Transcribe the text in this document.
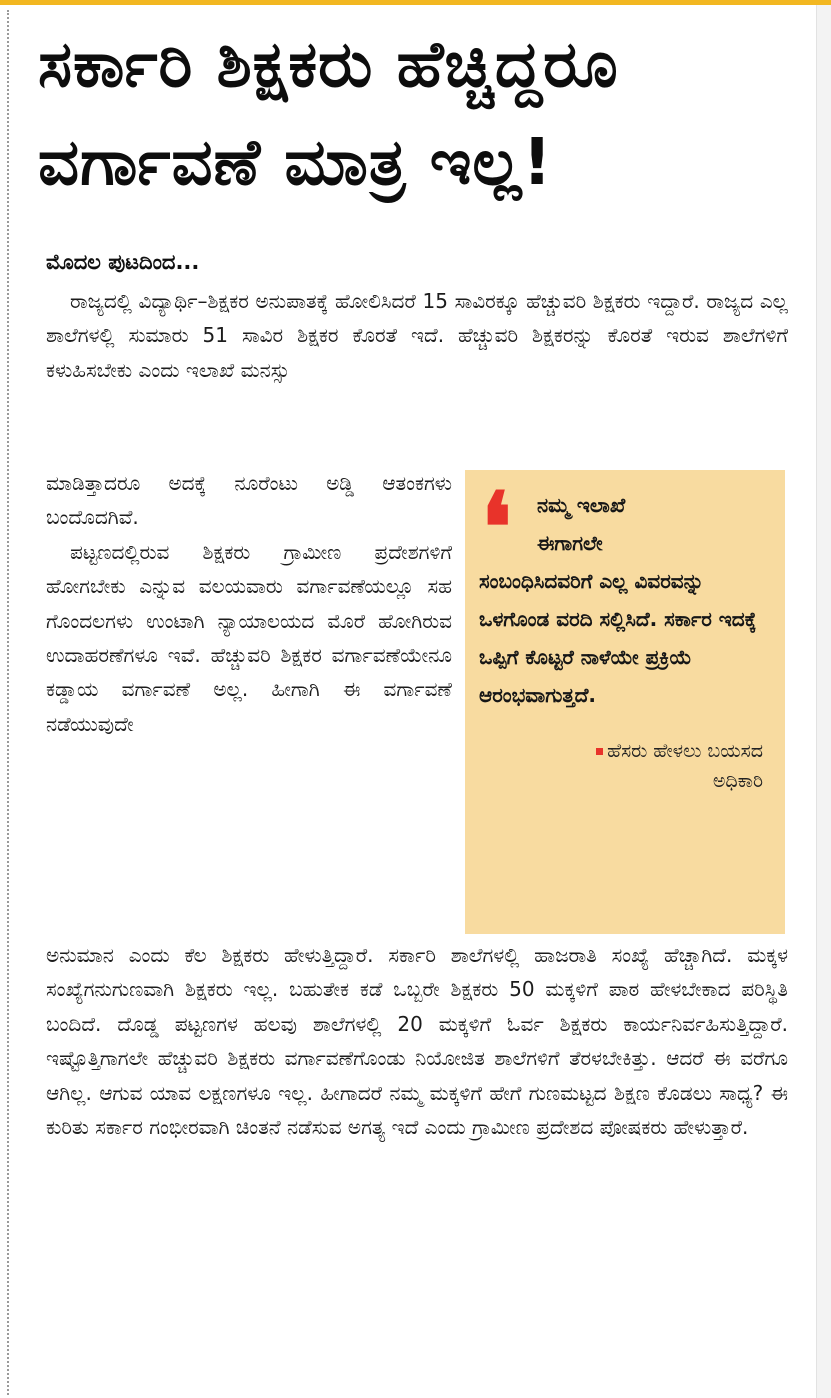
ಸರ್ಕಾರಿ ಶಿಕ್ಷಕರು ಹೆಚ್ಚಿದ್ದರೂ
ವರ್ಗಾವಣೆ ಮಾತ್ರ ಇಲ್ಲ!
ಮೊದಲ ಪುಟದಿಂದ...
ರಾಜ್ಯದಲ್ಲಿ ವಿದ್ಯಾರ್ಥಿ–ಶಿಕ್ಷಕರ ಅನುಪಾತಕ್ಕೆ ಹೋಲಿಸಿದರೆ 15 ಸಾವಿರಕ್ಕೂ ಹೆಚ್ಚುವರಿ ಶಿಕ್ಷಕರು ಇದ್ದಾರೆ. ರಾಜ್ಯದ ಎಲ್ಲ ಶಾಲೆಗಳಲ್ಲಿ ಸುಮಾರು 51 ಸಾವಿರ ಶಿಕ್ಷಕರ ಕೊರತೆ ಇದೆ. ಹೆಚ್ಚುವರಿ ಶಿಕ್ಷಕರನ್ನು ಕೊರತೆ ಇರುವ ಶಾಲೆಗಳಿಗೆ ಕಳುಹಿಸಬೇಕು ಎಂದು ಇಲಾಖೆ ಮನಸ್ಸು

ಮಾಡಿತ್ತಾದರೂ ಅದಕ್ಕೆ ನೂರೆಂಟು ಅಡ್ಡಿ ಆತಂಕಗಳು ಬಂದೊದಗಿವೆ.

ಪಟ್ಟಣದಲ್ಲಿರುವ ಶಿಕ್ಷಕರು ಗ್ರಾಮೀಣ ಪ್ರದೇಶಗಳಿಗೆ ಹೋಗಬೇಕು ಎನ್ನುವ ವಲಯವಾರು ವರ್ಗಾವಣೆಯಲ್ಲೂ ಸಹ ಗೊಂದಲಗಳು ಉಂಟಾಗಿ ನ್ಯಾಯಾಲಯದ ಮೊರೆ ಹೋಗಿರುವ ಉದಾಹರಣೆಗಳೂ ಇವೆ. ಹೆಚ್ಚುವರಿ ಶಿಕ್ಷಕರ ವರ್ಗಾವಣೆಯೇನೂ ಕಡ್ಡಾಯ ವರ್ಗಾವಣೆ ಅಲ್ಲ. ಹೀಗಾಗಿ ಈ ವರ್ಗಾವಣೆ ನಡೆಯುವುದೇ

❛	ನಮ್ಮ ಇಲಾಖೆ
ಈಗಾಗಲೇ
ಸಂಬಂಧಿಸಿದವರಿಗೆ ಎಲ್ಲ ವಿವರವನ್ನು ಒಳಗೊಂಡ ವರದಿ ಸಲ್ಲಿಸಿದೆ. ಸರ್ಕಾರ ಇದಕ್ಕೆ ಒಪ್ಪಿಗೆ ಕೊಟ್ಟರೆ ನಾಳೆಯೇ ಪ್ರಕ್ರಿಯೆ ಆರಂಭವಾಗುತ್ತದೆ.
ಹೆಸರು ಹೇಳಲು ಬಯಸದ
ಅಧಿಕಾರಿ
ಅನುಮಾನ ಎಂದು ಕೆಲ ಶಿಕ್ಷಕರು ಹೇಳುತ್ತಿದ್ದಾರೆ. ಸರ್ಕಾರಿ ಶಾಲೆಗಳಲ್ಲಿ ಹಾಜರಾತಿ ಸಂಖ್ಯೆ ಹೆಚ್ಚಾಗಿದೆ. ಮಕ್ಕಳ ಸಂಖ್ಯೆಗನುಗುಣವಾಗಿ ಶಿಕ್ಷಕರು ಇಲ್ಲ. ಬಹುತೇಕ ಕಡೆ ಒಬ್ಬರೇ ಶಿಕ್ಷಕರು 50 ಮಕ್ಕಳಿಗೆ ಪಾಠ ಹೇಳಬೇಕಾದ ಪರಿಸ್ಥಿತಿ ಬಂದಿದೆ. ದೊಡ್ಡ ಪಟ್ಟಣಗಳ ಹಲವು ಶಾಲೆಗಳಲ್ಲಿ 20 ಮಕ್ಕಳಿಗೆ ಓರ್ವ ಶಿಕ್ಷಕರು ಕಾರ್ಯನಿರ್ವಹಿಸುತ್ತಿದ್ದಾರೆ. ಇಷ್ಟೊತ್ತಿಗಾಗಲೇ ಹೆಚ್ಚುವರಿ ಶಿಕ್ಷಕರು ವರ್ಗಾವಣೆಗೊಂಡು ನಿಯೋಜಿತ ಶಾಲೆಗಳಿಗೆ ತೆರಳಬೇಕಿತ್ತು. ಆದರೆ ಈ ವರೆಗೂ ಆಗಿಲ್ಲ. ಆಗುವ ಯಾವ ಲಕ್ಷಣಗಳೂ ಇಲ್ಲ. ಹೀಗಾದರೆ ನಮ್ಮ ಮಕ್ಕಳಿಗೆ ಹೇಗೆ ಗುಣಮಟ್ಟದ ಶಿಕ್ಷಣ ಕೊಡಲು ಸಾಧ್ಯ? ಈ ಕುರಿತು ಸರ್ಕಾರ ಗಂಭೀರವಾಗಿ ಚಿಂತನೆ ನಡೆಸುವ ಅಗತ್ಯ ಇದೆ ಎಂದು ಗ್ರಾಮೀಣ ಪ್ರದೇಶದ ಪೋಷಕರು ಹೇಳುತ್ತಾರೆ.
